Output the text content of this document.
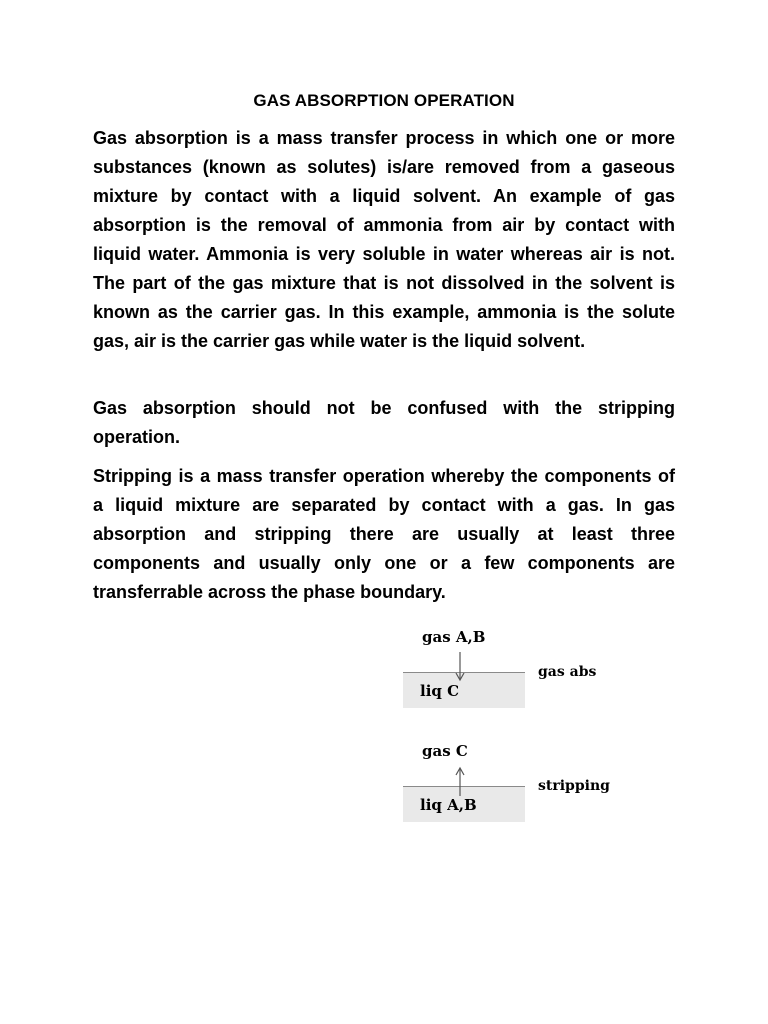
GAS ABSORPTION OPERATION

Gas absorption is a mass transfer process in which one or more substances (known as solutes) is/are removed from a gaseous mixture by contact with a liquid solvent. An example of gas absorption is the removal of ammonia from air by contact with liquid water. Ammonia is very soluble in water whereas air is not. The part of the gas mixture that is not dissolved in the solvent is known as the carrier gas. In this example, ammonia is the solute gas, air is the carrier gas while water is the liquid solvent.

Gas absorption should not be confused with the stripping operation.

Stripping is a mass transfer operation whereby the components of a liquid mixture are separated by contact with a gas. In gas absorption and stripping there are usually at least three components and usually only one or a few components are transferrable across the phase boundary.

gas A,B
liq C
gas abs
gas C
liq A,B
stripping
